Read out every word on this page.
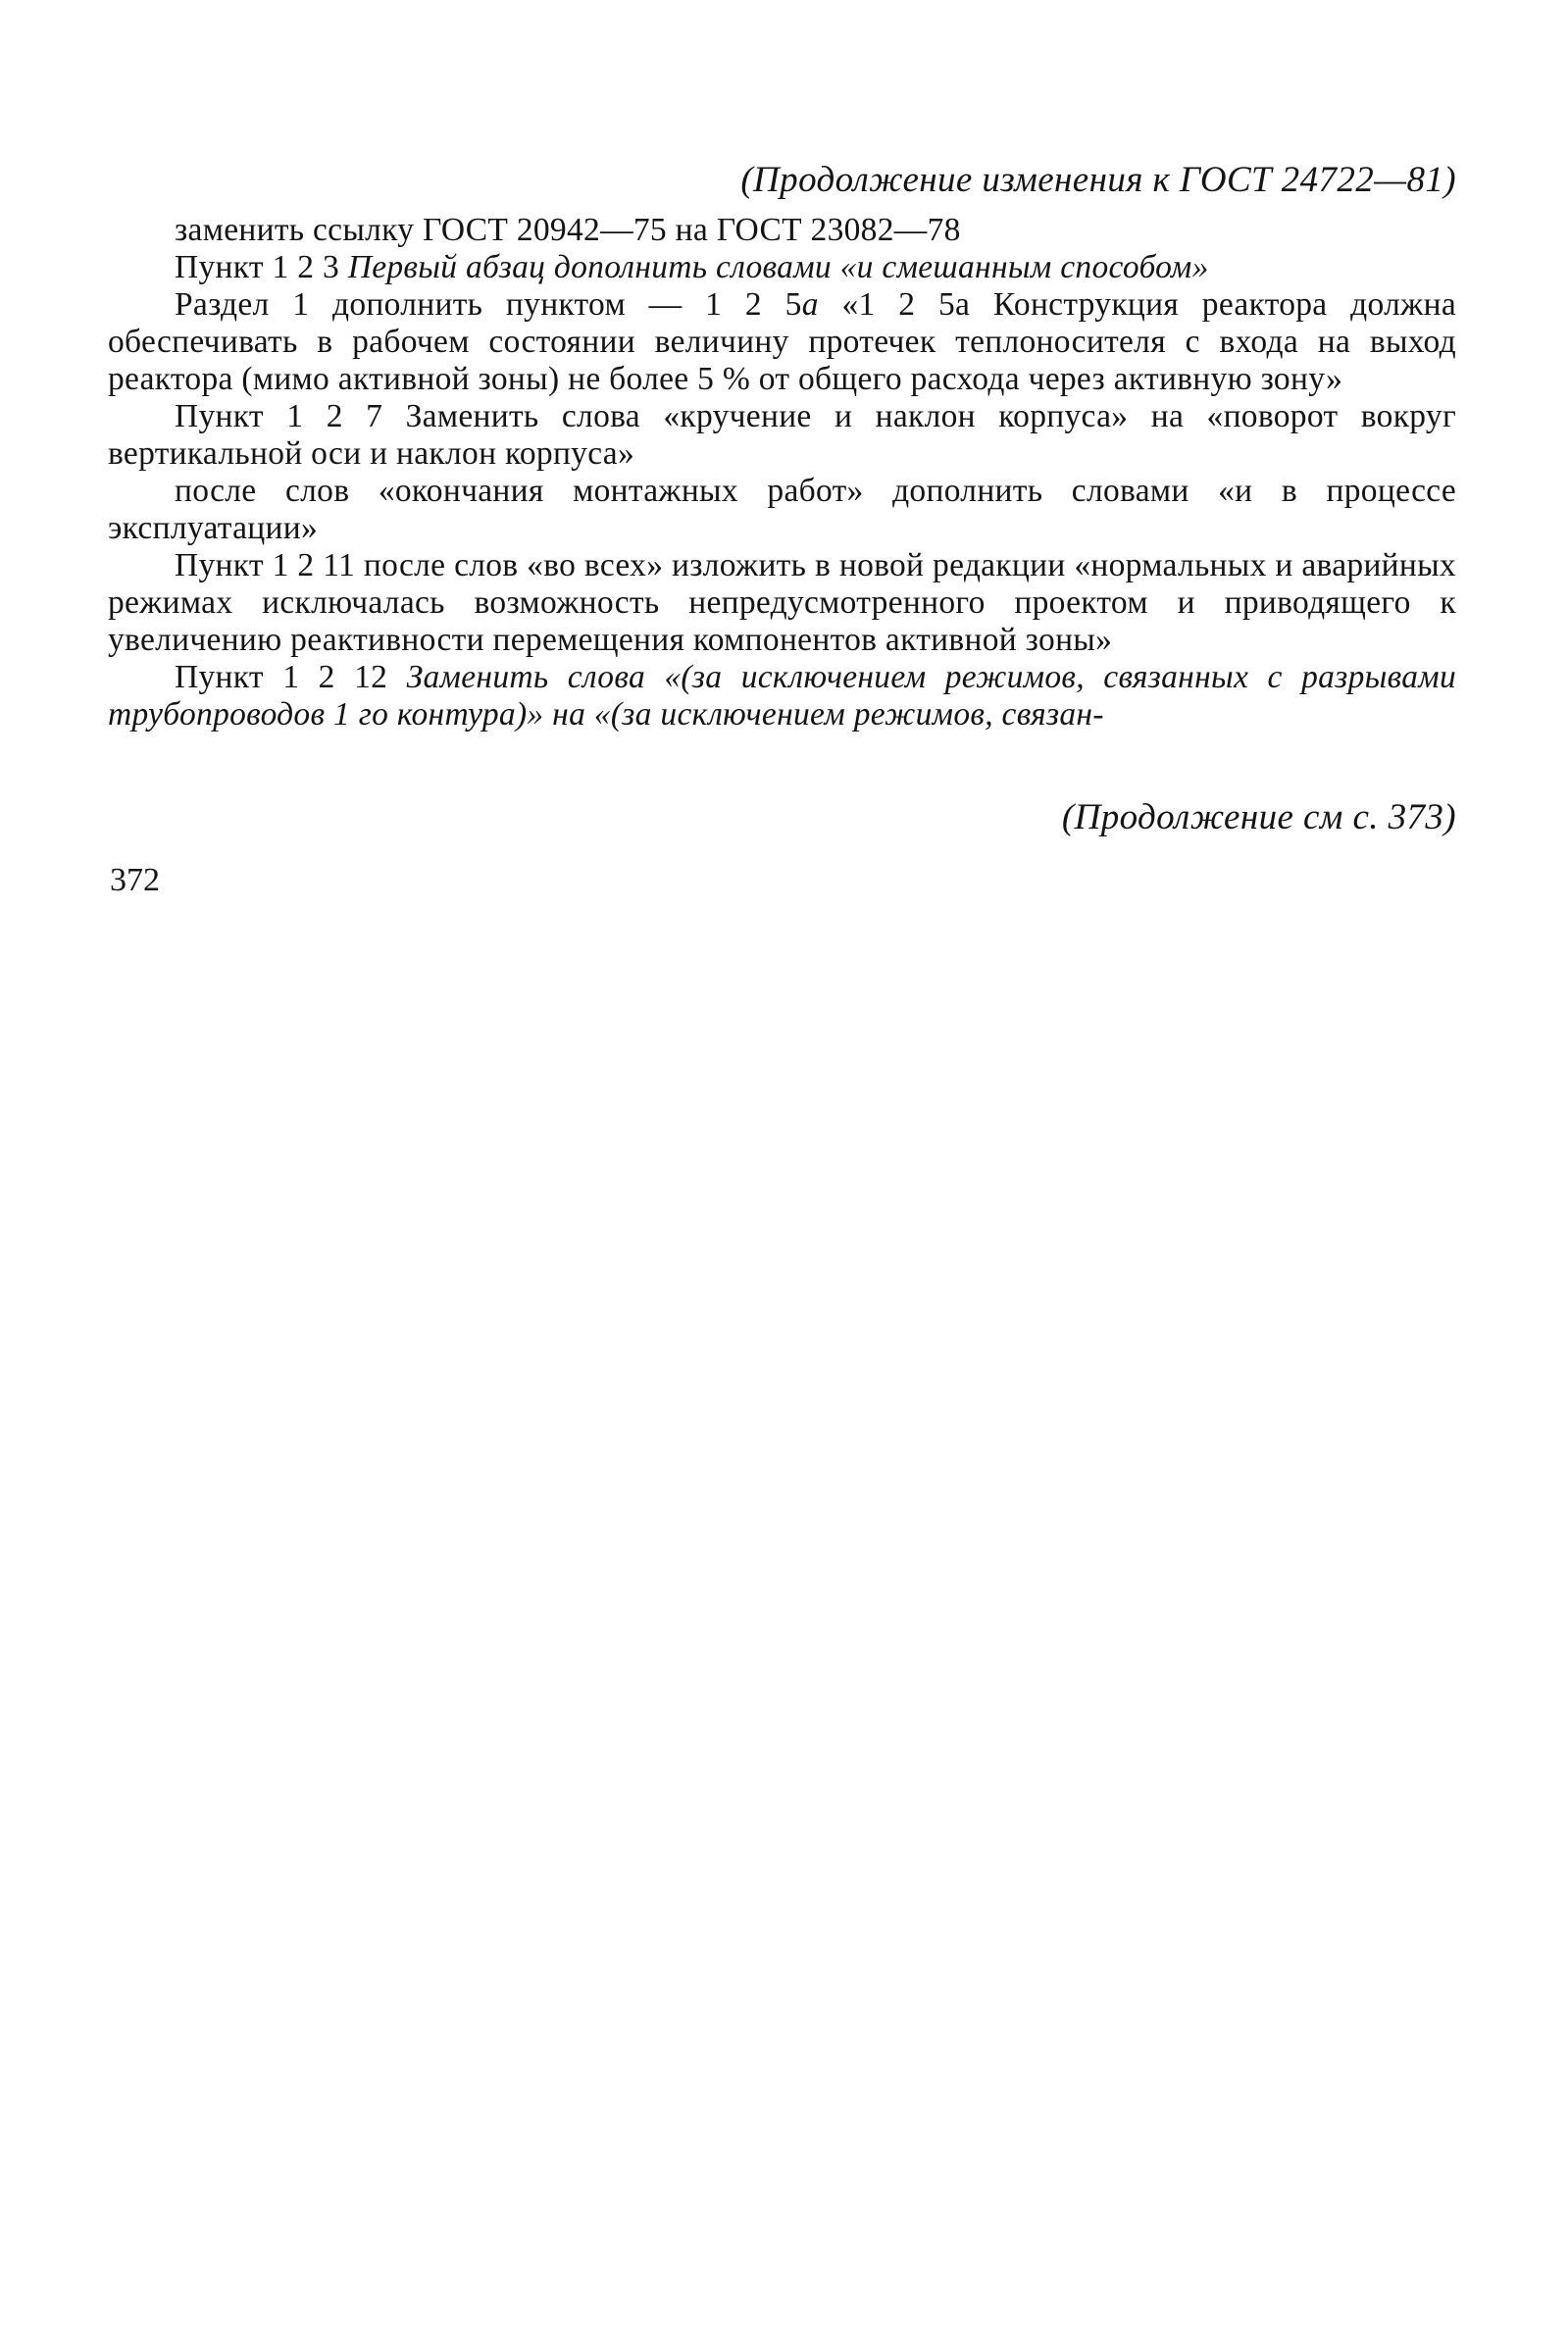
(Продолжение изменения к ГОСТ 24722—81)

заменить ссылку ГОСТ 20942—75 на ГОСТ 23082—78

Пункт 1 2 3 Первый абзац дополнить словами «и смешанным способом»

Раздел 1 дополнить пунктом — 1 2 5а «1 2 5а Конструкция реактора должна обеспечивать в рабочем состоянии величину протечек теплоносителя с входа на выход реактора (мимо активной зоны) не более 5 % от общего расхода через активную зону»

Пункт 1 2 7 Заменить слова «кручение и наклон корпуса» на «поворот вокруг вертикальной оси и наклон корпуса»

после слов «окончания монтажных работ» дополнить словами «и в процессе эксплуатации»

Пункт 1 2 11 после слов «во всех» изложить в новой редакции «нормальных и аварийных режимах исключалась возможность непредусмотренного проектом и приводящего к увеличению реактивности перемещения компонентов активной зоны»

Пункт 1 2 12 Заменить слова «(за исключением режимов, связанных с разрывами трубопроводов 1 го контура)» на «(за исключением режимов, связан-

(Продолжение см с. 373)
372
